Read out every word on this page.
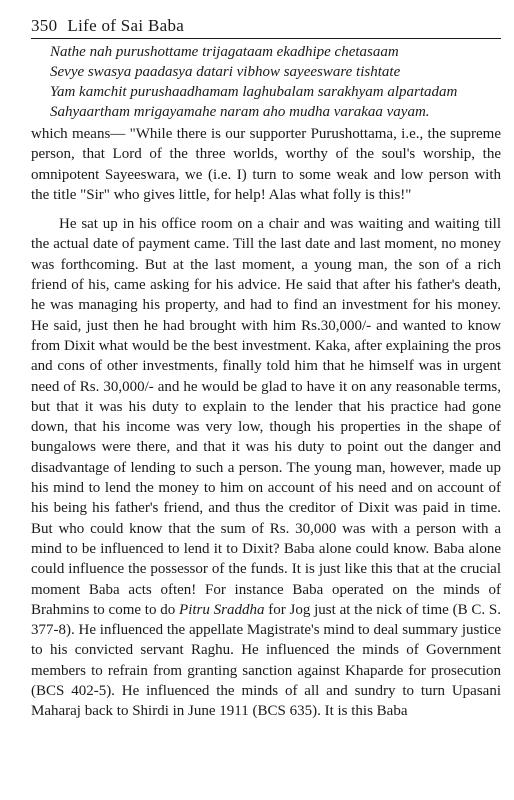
350 Life of Sai Baba
Nathe nah purushottame trijagataam ekadhipe chetasaam
Sevye swasya paadasya datari vibhow sayeesware tishtate
Yam kamchit purushaadhamam laghubalam sarakhyam alpartadam
Sahyaartham mrigayamahe naram aho mudha varakaa vayam.

which means— "While there is our supporter Purushottama, i.e., the supreme person, that Lord of the three worlds, worthy of the soul's worship, the omnipotent Sayeeswara, we (i.e. I) turn to some weak and low person with the title "Sir" who gives little, for help! Alas what folly is this!"

He sat up in his office room on a chair and was waiting and waiting till the actual date of payment came. Till the last date and last moment, no money was forthcoming. But at the last moment, a young man, the son of a rich friend of his, came asking for his advice. He said that after his father's death, he was managing his property, and had to find an investment for his money. He said, just then he had brought with him Rs.30,000/- and wanted to know from Dixit what would be the best investment. Kaka, after explaining the pros and cons of other investments, finally told him that he himself was in urgent need of Rs. 30,000/- and he would be glad to have it on any reasonable terms, but that it was his duty to explain to the lender that his practice had gone down, that his income was very low, though his properties in the shape of bungalows were there, and that it was his duty to point out the danger and disadvantage of lending to such a person. The young man, however, made up his mind to lend the money to him on account of his need and on account of his being his father's friend, and thus the creditor of Dixit was paid in time. But who could know that the sum of Rs. 30,000 was with a person with a mind to be influenced to lend it to Dixit? Baba alone could know. Baba alone could influence the possessor of the funds. It is just like this that at the crucial moment Baba acts often! For instance Baba operated on the minds of Brahmins to come to do Pitru Sraddha for Jog just at the nick of time (B C. S. 377-8). He influenced the appellate Magistrate's mind to deal summary justice to his convicted servant Raghu. He influenced the minds of Government members to refrain from granting sanction against Khaparde for prosecution (BCS 402-5). He influenced the minds of all and sundry to turn Upasani Maharaj back to Shirdi in June 1911 (BCS 635). It is this Baba
